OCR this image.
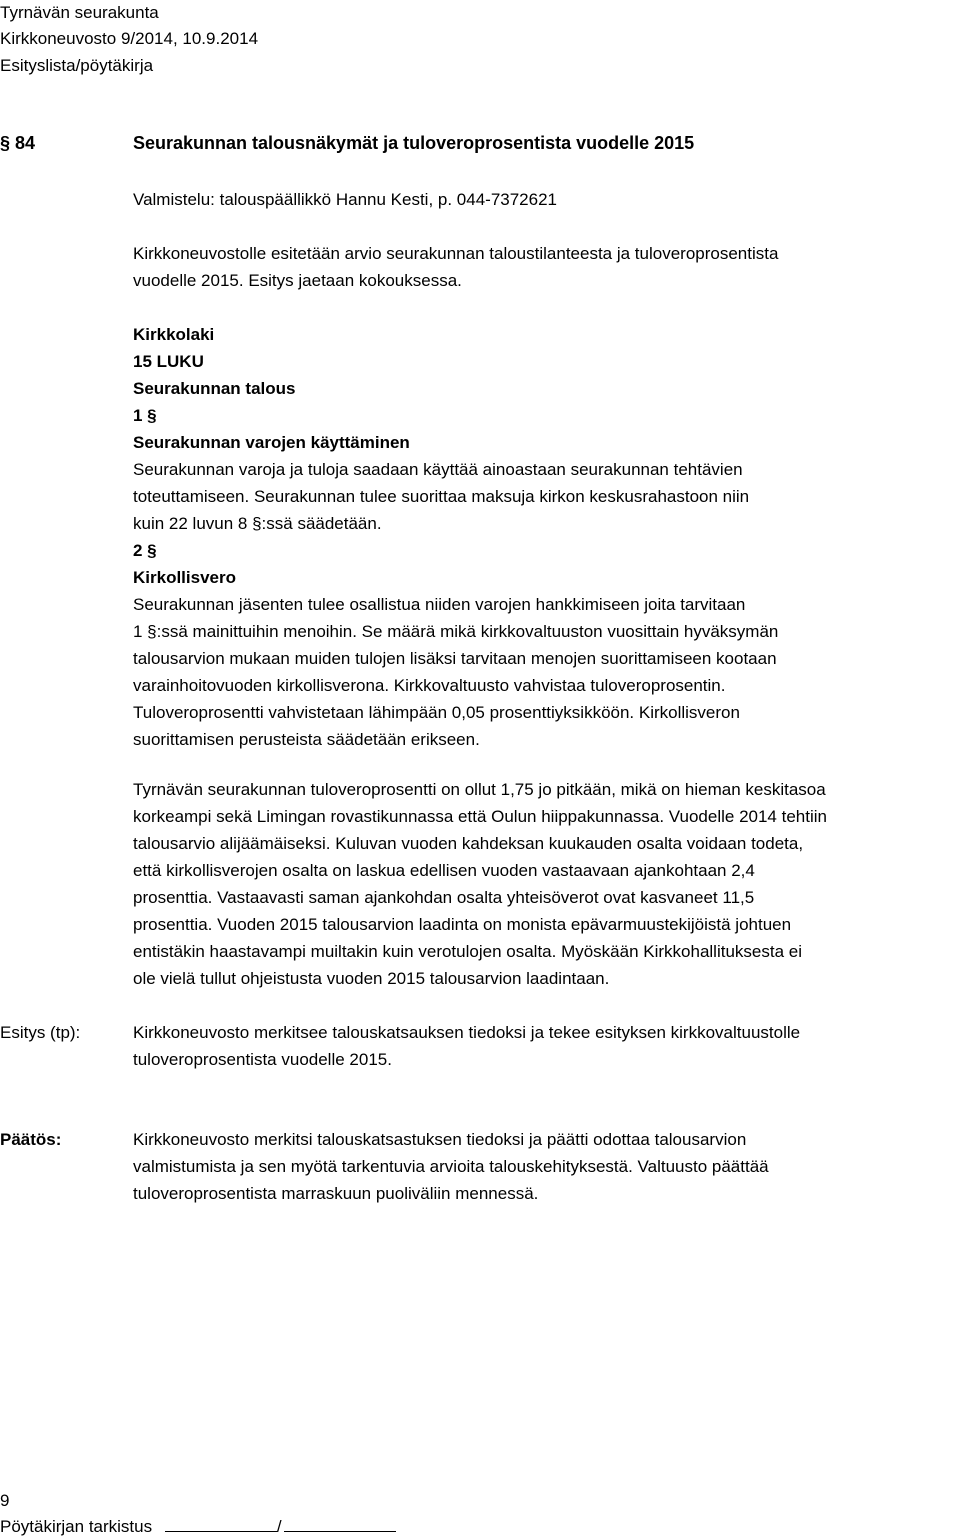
Tyrnävän seurakunta
Kirkkoneuvosto 9/2014, 10.9.2014
Esityslista/pöytäkirja
§ 84	Seurakunnan talousnäkymät ja tuloveroprosentista vuodelle 2015
Valmistelu: talouspäällikkö Hannu Kesti, p. 044-7372621
Kirkkoneuvostolle esitetään arvio seurakunnan taloustilanteesta ja tuloveroprosentista
vuodelle 2015. Esitys jaetaan kokouksessa.
Kirkkolaki
15 LUKU
Seurakunnan talous
1 §
Seurakunnan varojen käyttäminen
Seurakunnan varoja ja tuloja saadaan käyttää ainoastaan seurakunnan tehtävien
toteuttamiseen. Seurakunnan tulee suorittaa maksuja kirkon keskusrahastoon niin
kuin 22 luvun 8 §:ssä säädetään.
2 §
Kirkollisvero
Seurakunnan jäsenten tulee osallistua niiden varojen hankkimiseen joita tarvitaan
1 §:ssä mainittuihin menoihin. Se määrä mikä kirkkovaltuuston vuosittain hyväksymän
talousarvion mukaan muiden tulojen lisäksi tarvitaan menojen suorittamiseen kootaan
varainhoitovuoden kirkollisverona. Kirkkovaltuusto vahvistaa tuloveroprosentin.
Tuloveroprosentti vahvistetaan lähimpään 0,05 prosenttiyksikköön. Kirkollisveron
suorittamisen perusteista säädetään erikseen.
Tyrnävän seurakunnan tuloveroprosentti on ollut 1,75 jo pitkään, mikä on hieman keskitasoa
korkeampi sekä Limingan rovastikunnassa että Oulun hiippakunnassa. Vuodelle 2014 tehtiin
talousarvio alijäämäiseksi. Kuluvan vuoden kahdeksan kuukauden osalta voidaan todeta,
että kirkollisverojen osalta on laskua edellisen vuoden vastaavaan ajankohtaan 2,4
prosenttia. Vastaavasti saman ajankohdan osalta yhteisöverot ovat kasvaneet 11,5
prosenttia. Vuoden 2015 talousarvion laadinta on monista epävarmuustekijöistä johtuen
entistäkin haastavampi muiltakin kuin verotulojen osalta. Myöskään Kirkkohallituksesta ei
ole vielä tullut ohjeistusta vuoden 2015 talousarvion laadintaan.
Esitys (tp):	Kirkkoneuvosto merkitsee talouskatsauksen tiedoksi ja tekee esityksen kirkkovaltuustolle
tuloveroprosentista vuodelle 2015.
Päätös:	Kirkkoneuvosto merkitsi talouskatsastuksen tiedoksi ja päätti odottaa talousarvion
valmistumista ja sen myötä tarkentuvia arvioita talouskehityksestä. Valtuusto päättää
tuloveroprosentista marraskuun puoliväliin mennessä.
9
Pöytäkirjan tarkistus	/
